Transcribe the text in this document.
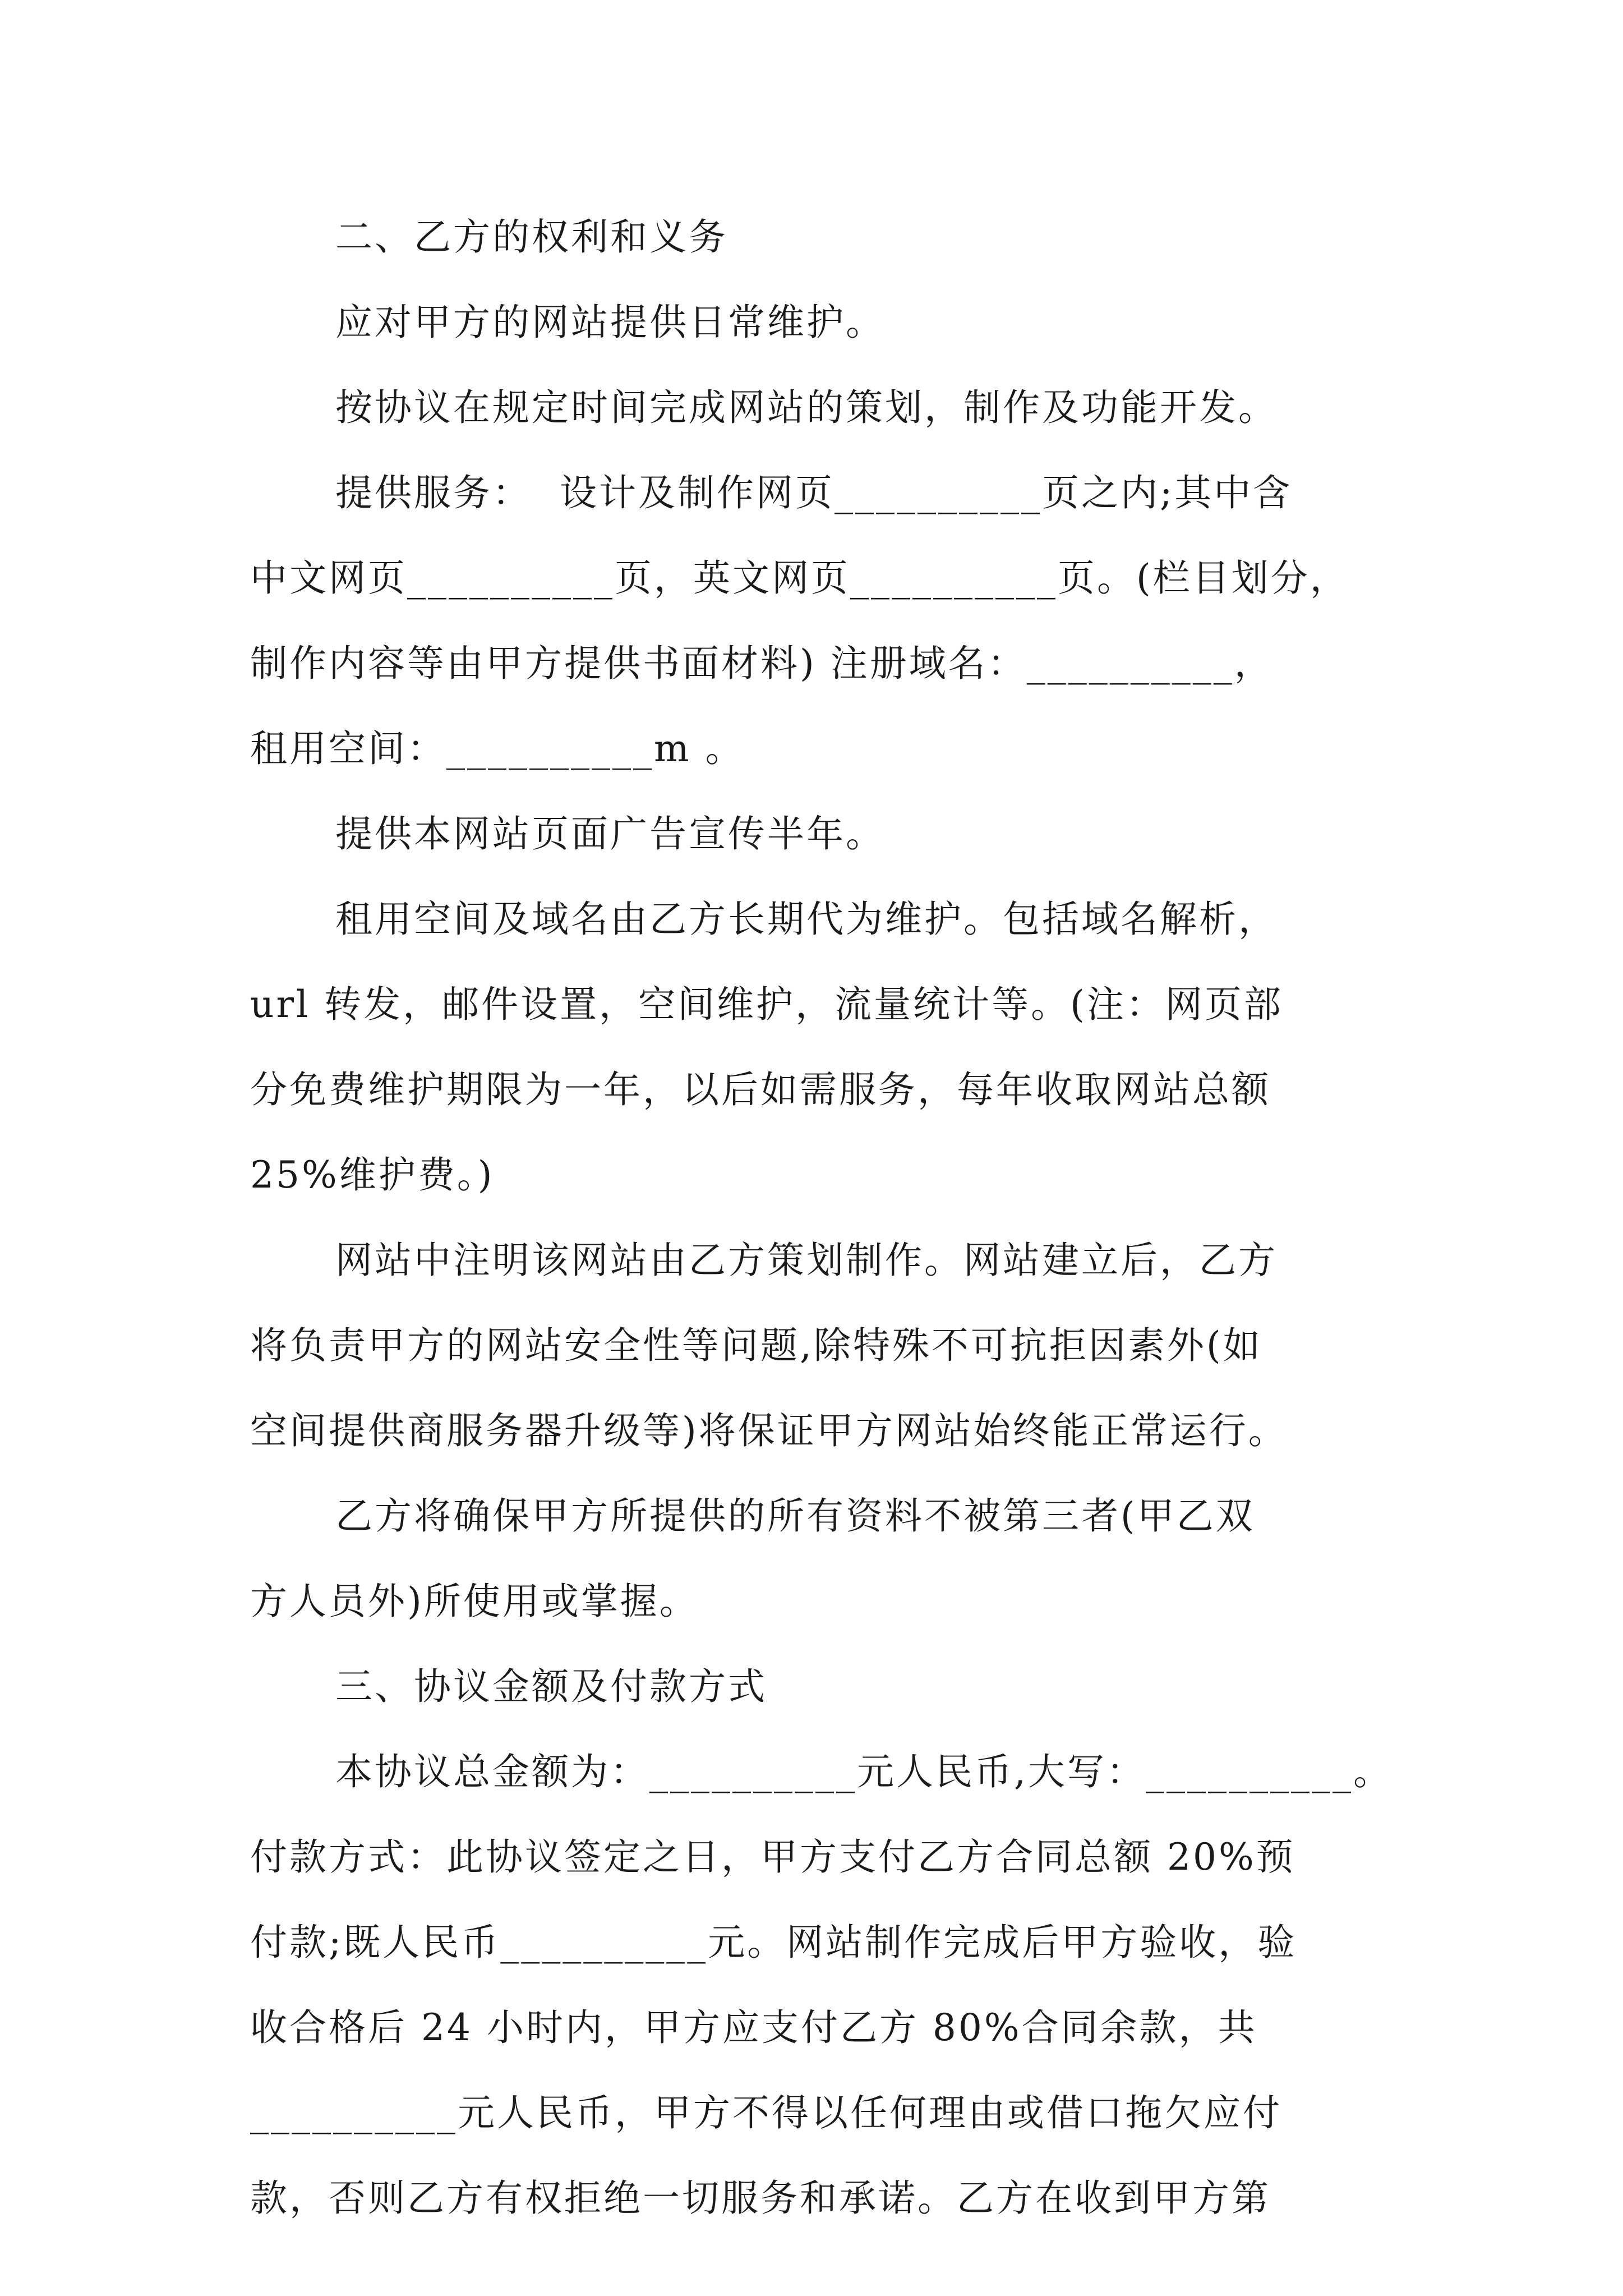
二、乙方的权利和义务
应对甲方的网站提供日常维护。
按协议在规定时间完成网站的策划，制作及功能开发。
提供服务：  设计及制作网页__________页之内;其中含
中文网页__________页，英文网页__________页。(栏目划分，
制作内容等由甲方提供书面材料) 注册域名：__________，
租用空间：__________m 。
提供本网站页面广告宣传半年。
租用空间及域名由乙方长期代为维护。包括域名解析，
url 转发，邮件设置，空间维护，流量统计等。(注：网页部
分免费维护期限为一年，以后如需服务，每年收取网站总额
25%维护费。)
网站中注明该网站由乙方策划制作。网站建立后，乙方
将负责甲方的网站安全性等问题,除特殊不可抗拒因素外(如
空间提供商服务器升级等)将保证甲方网站始终能正常运行。
乙方将确保甲方所提供的所有资料不被第三者(甲乙双
方人员外)所使用或掌握。
三、协议金额及付款方式
本协议总金额为：__________元人民币,大写：__________。
付款方式：此协议签定之日，甲方支付乙方合同总额 20%预
付款;既人民币__________元。网站制作完成后甲方验收，验
收合格后 24 小时内，甲方应支付乙方 80%合同余款，共
__________元人民币，甲方不得以任何理由或借口拖欠应付
款，否则乙方有权拒绝一切服务和承诺。乙方在收到甲方第
